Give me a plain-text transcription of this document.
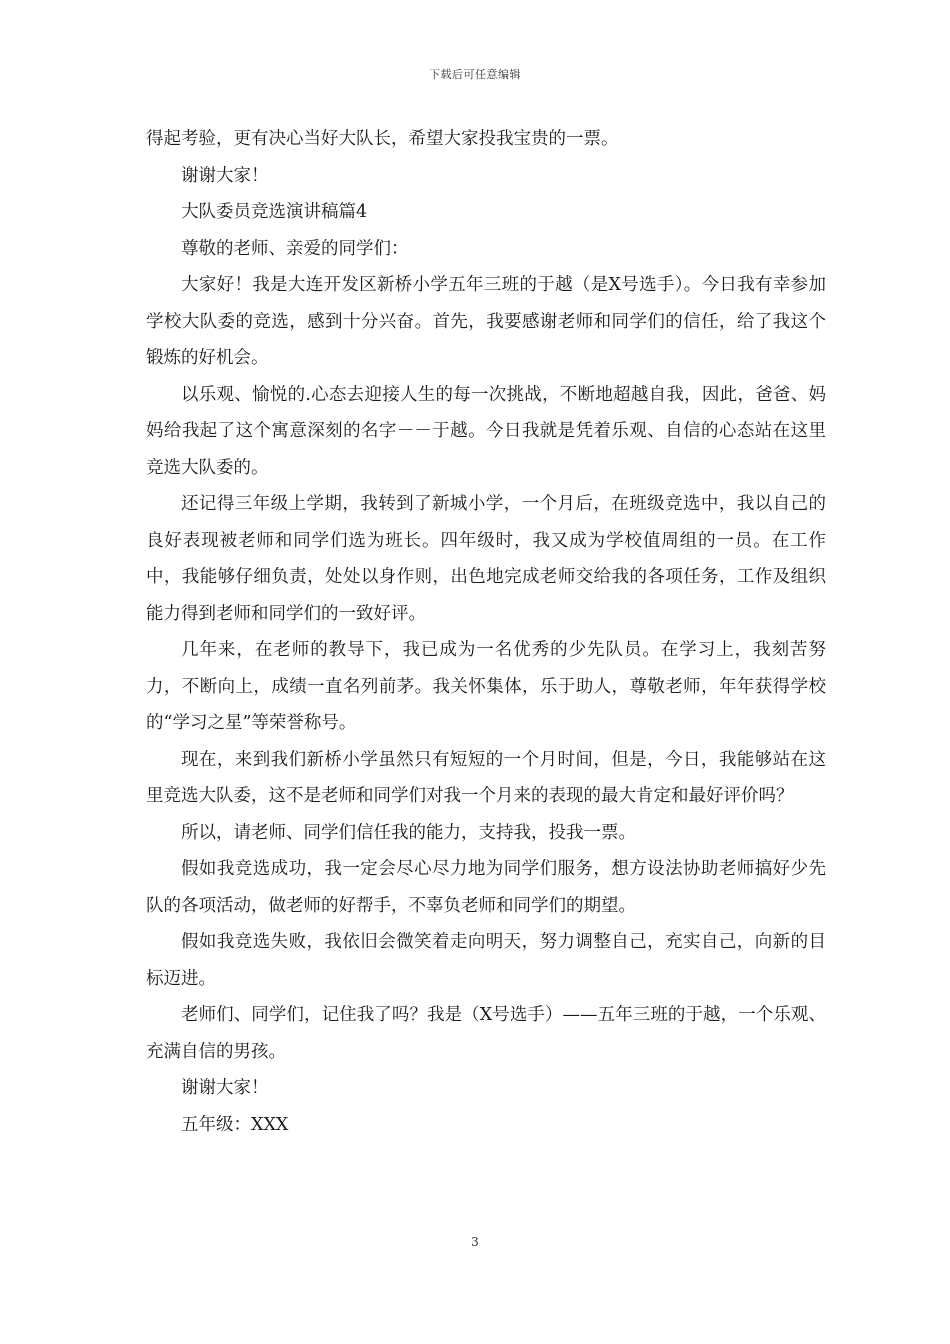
下载后可任意编辑

得起考验，更有决心当好大队长，希望大家投我宝贵的一票。

谢谢大家！

大队委员竞选演讲稿篇4

尊敬的老师、亲爱的同学们：

大家好！我是大连开发区新桥小学五年三班的于越（是X号选手）。今日我有幸参加学校大队委的竞选，感到十分兴奋。首先，我要感谢老师和同学们的信任，给了我这个锻炼的好机会。

以乐观、愉悦的.心态去迎接人生的每一次挑战，不断地超越自我，因此，爸爸、妈妈给我起了这个寓意深刻的名字－－于越。今日我就是凭着乐观、自信的心态站在这里竞选大队委的。

还记得三年级上学期，我转到了新城小学，一个月后，在班级竞选中，我以自己的良好表现被老师和同学们选为班长。四年级时，我又成为学校值周组的一员。在工作中，我能够仔细负责，处处以身作则，出色地完成老师交给我的各项任务，工作及组织能力得到老师和同学们的一致好评。

几年来，在老师的教导下，我已成为一名优秀的少先队员。在学习上，我刻苦努力，不断向上，成绩一直名列前茅。我关怀集体，乐于助人，尊敬老师，年年获得学校的“学习之星”等荣誉称号。

现在，来到我们新桥小学虽然只有短短的一个月时间，但是，今日，我能够站在这里竞选大队委，这不是老师和同学们对我一个月来的表现的最大肯定和最好评价吗？

所以，请老师、同学们信任我的能力，支持我，投我一票。

假如我竞选成功，我一定会尽心尽力地为同学们服务，想方设法协助老师搞好少先队的各项活动，做老师的好帮手，不辜负老师和同学们的期望。

假如我竞选失败，我依旧会微笑着走向明天，努力调整自己，充实自己，向新的目标迈进。

老师们、同学们，记住我了吗？我是（X号选手）——五年三班的于越，一个乐观、充满自信的男孩。

谢谢大家！

五年级：XXX

3
